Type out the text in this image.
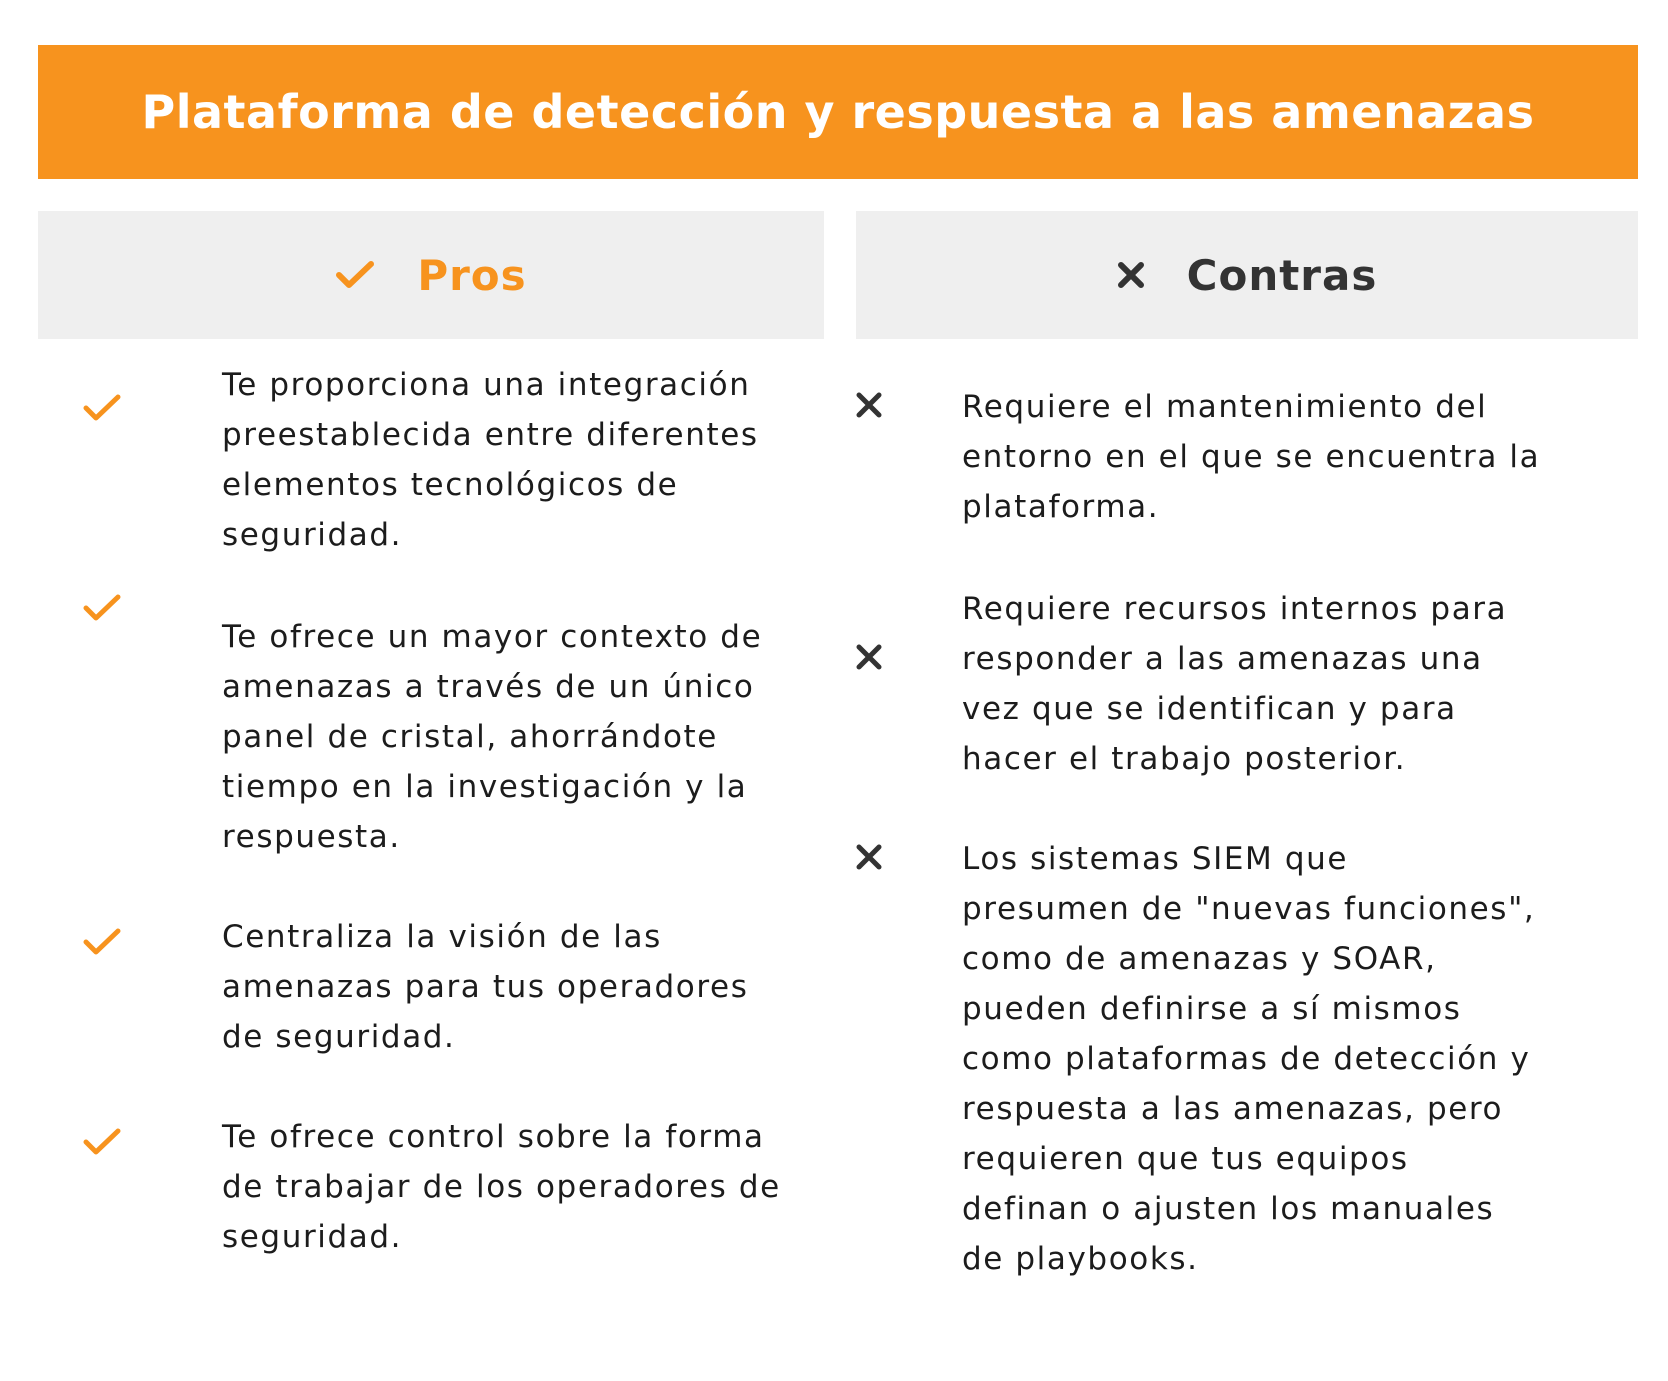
Plataforma de detección y respuesta a las amenazas
Pros	Contras
Te proporciona una integración
preestablecida entre diferentes
elementos tecnológicos de
seguridad.
Te ofrece un mayor contexto de
amenazas a través de un único
panel de cristal, ahorrándote
tiempo en la investigación y la
respuesta.
Centraliza la visión de las
amenazas para tus operadores
de seguridad.
Te ofrece control sobre la forma
de trabajar de los operadores de
seguridad.
Requiere el mantenimiento del
entorno en el que se encuentra la
plataforma.
Requiere recursos internos para
responder a las amenazas una
vez que se identifican y para
hacer el trabajo posterior.
Los sistemas SIEM que
presumen de "nuevas funciones",
como de amenazas y SOAR,
pueden definirse a sí mismos
como plataformas de detección y
respuesta a las amenazas, pero
requieren que tus equipos
definan o ajusten los manuales
de playbooks.
